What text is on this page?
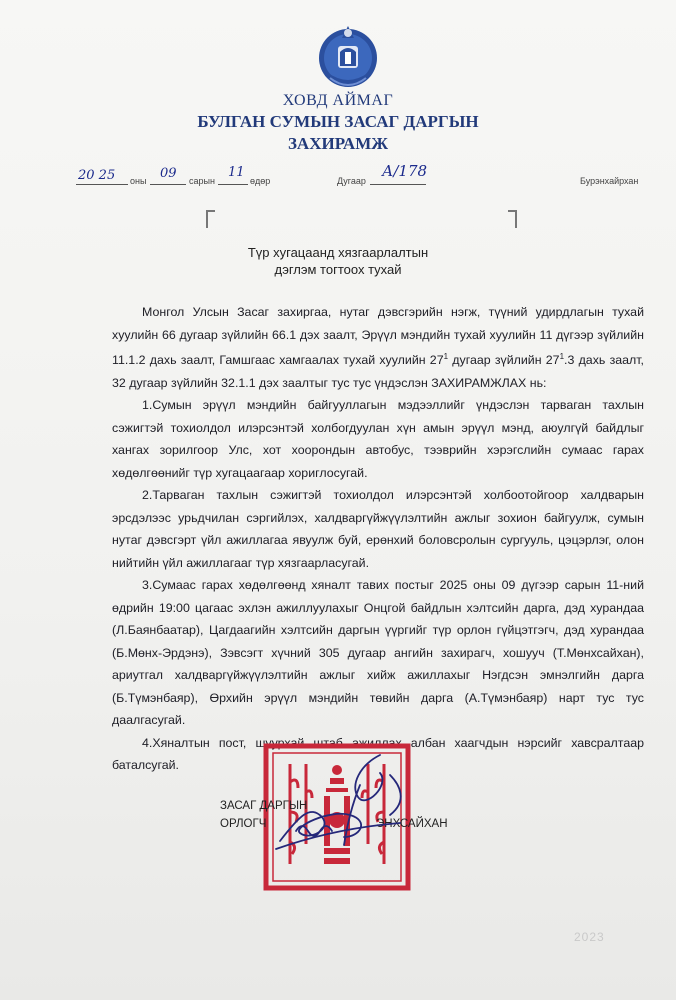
ХОВД АЙМАГ
БУЛГАН СУМЫН ЗАСАГ ДАРГЫН
ЗАХИРАМЖ
20 25 оны 09 сарын
11
өдөр	Дугаар
А/178
Бурэнхайрхан
Түр хугацаанд хязгаарлалтын
дэглэм тогтоох тухай

Монгол Улсын Засаг захиргаа, нутаг дэвсгэрийн нэгж, түүний удирдлагын тухай хуулийн 66 дугаар зүйлийн 66.1 дэх заалт, Эрүүл мэндийн тухай хуулийн 11 дүгээр зүйлийн 11.1.2 дахь заалт, Гамшгаас хамгаалах тухай хуулийн $27^1$ дугаар зүйлийн $27^1.3$ дахь заалт, 32 дугаар зүйлийн 32.1.1 дэх заалтыг тус тус үндэслэн ЗАХИРАМЖЛАХ нь:

1.Сумын эрүүл мэндийн байгууллагын мэдээллийг үндэслэн тарваган тахлын сэжигтэй тохиолдол илэрсэнтэй холбогдуулан хүн амын эрүүл мэнд, аюулгүй байдлыг хангах зорилгоор Улс, хот хоорондын автобус, тээврийн хэрэгслийн сумаас гарах хөдөлгөөнийг түр хугацаагаар хориглосугай.

2.Тарваган тахлын сэжигтэй тохиолдол илэрсэнтэй холбоотойгоор халдварын эрсдэлээс урьдчилан сэргийлэх, халдваргүйжүүлэлтийн ажлыг зохион байгуулж, сумын нутаг дэвсгэрт үйл ажиллагаа явуулж буй, ерөнхий боловсролын сургууль, цэцэрлэг, олон нийтийн үйл ажиллагааг түр хязгаарласугай.

3.Сумаас гарах хөдөлгөөнд хяналт тавих постыг 2025 оны 09 дүгээр сарын 11-ний өдрийн 19:00 цагаас эхлэн ажиллуулахыг Онцгой байдлын хэлтсийн дарга, дэд хурандаа (Л.Баянбаатар), Цагдаагийн хэлтсийн даргын үүргийг түр орлон гүйцэтгэгч, дэд хурандаа (Б.Мөнх-Эрдэнэ), Зэвсэгт хүчний 305 дугаар ангийн захирагч, хошууч (Т.Мөнхсайхан), ариутгал халдваргүйжүүлэлтийн ажлыг хийж ажиллахыг Нэгдсэн эмнэлгийн дарга (Б.Түмэнбаяр), Өрхийн эрүүл мэндийн төвийн дарга (А.Түмэнбаяр) нарт тус тус даалгасугай.

4.Хяналтын пост, шуурхай штаб ажиллах албан хаагчдын нэрсийг хавсралтаар баталсугай.

ЗАСАГ ДАРГЫН
ОРЛОГЧ	ЭНХСАЙХАН
2023
